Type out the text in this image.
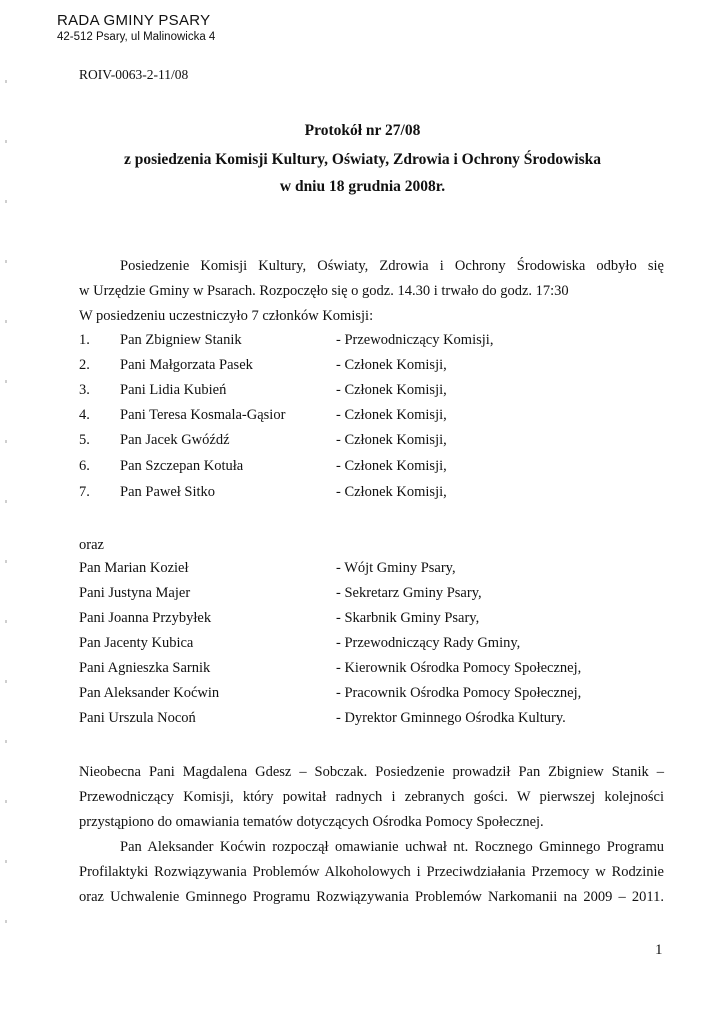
RADA GMINY PSARY
42-512 Psary, ul Malinowicka 4
ROIV-0063-2-11/08
Protokół nr 27/08
z posiedzenia Komisji Kultury, Oświaty, Zdrowia i Ochrony Środowiska
w dniu 18 grudnia 2008r.
Posiedzenie Komisji Kultury, Oświaty, Zdrowia i Ochrony Środowiska odbyło się
w Urzędzie Gminy w Psarach. Rozpoczęło się o godz. 14.30 i trwało do godz. 17:30
W posiedzeniu uczestniczyło 7 członków Komisji:
1. Pan Zbigniew Stanik	- Przewodniczący Komisji,
2. Pani Małgorzata Pasek	- Członek Komisji,
3. Pani Lidia Kubień	- Członek Komisji,
4. Pani Teresa Kosmala-Gąsior	- Członek Komisji,
5. Pan Jacek Gwóźdź	- Członek Komisji,
6. Pan Szczepan Kotuła	- Członek Komisji,
7. Pan Paweł Sitko	- Członek Komisji,
oraz
Pan Marian Kozieł	- Wójt Gminy Psary,
Pani Justyna Majer	- Sekretarz Gminy Psary,
Pani Joanna Przybyłek	- Skarbnik Gminy Psary,
Pan Jacenty Kubica	- Przewodniczący Rady Gminy,
Pani Agnieszka Sarnik	- Kierownik Ośrodka Pomocy Społecznej,
Pan Aleksander Koćwin	- Pracownik Ośrodka Pomocy Społecznej,
Pani Urszula Nocoń	- Dyrektor Gminnego Ośrodka Kultury.
Nieobecna Pani Magdalena Gdesz – Sobczak. Posiedzenie prowadził Pan Zbigniew Stanik –
Przewodniczący Komisji, który powitał radnych i zebranych gości. W pierwszej kolejności
przystąpiono do omawiania tematów dotyczących Ośrodka Pomocy Społecznej.
Pan Aleksander Koćwin rozpoczął omawianie uchwał nt. Rocznego Gminnego Programu
Profilaktyki Rozwiązywania Problemów Alkoholowych i Przeciwdziałania Przemocy w Rodzinie
oraz Uchwalenie Gminnego Programu Rozwiązywania Problemów Narkomanii na 2009 – 2011.
1
